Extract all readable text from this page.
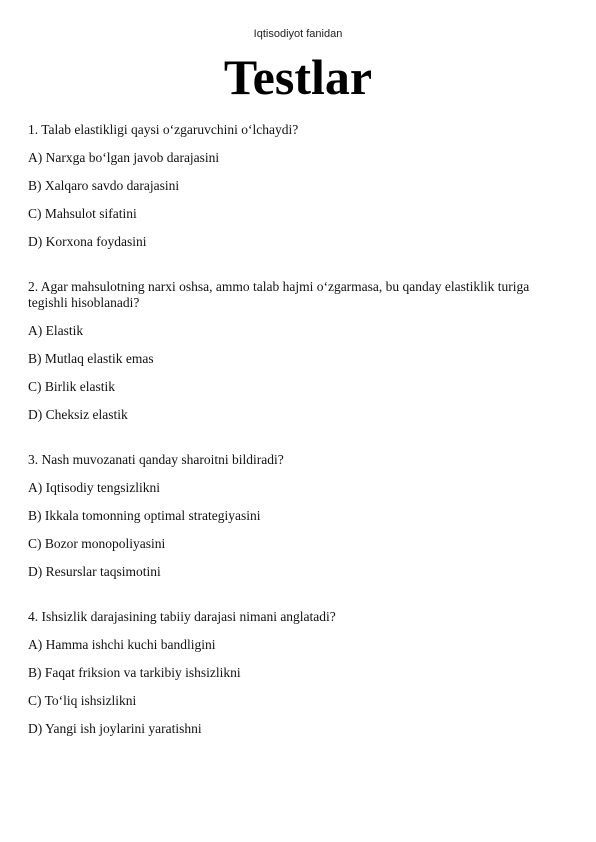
Iqtisodiyot fanidan
Testlar
1. Talab elastikligi qaysi o‘zgaruvchini o‘lchaydi?
A) Narxga bo‘lgan javob darajasini
B) Xalqaro savdo darajasini
C) Mahsulot sifatini
D) Korxona foydasini
2. Agar mahsulotning narxi oshsa, ammo talab hajmi o‘zgarmasa, bu qanday elastiklik turiga tegishli hisoblanadi?
A) Elastik
B) Mutlaq elastik emas
C) Birlik elastik
D) Cheksiz elastik
3. Nash muvozanati qanday sharoitni bildiradi?
A) Iqtisodiy tengsizlikni
B) Ikkala tomonning optimal strategiyasini
C) Bozor monopoliyasini
D) Resurslar taqsimotini
4. Ishsizlik darajasining tabiiy darajasi nimani anglatadi?
A) Hamma ishchi kuchi bandligini
B) Faqat friksion va tarkibiy ishsizlikni
C) To‘liq ishsizlikni
D) Yangi ish joylarini yaratishni
